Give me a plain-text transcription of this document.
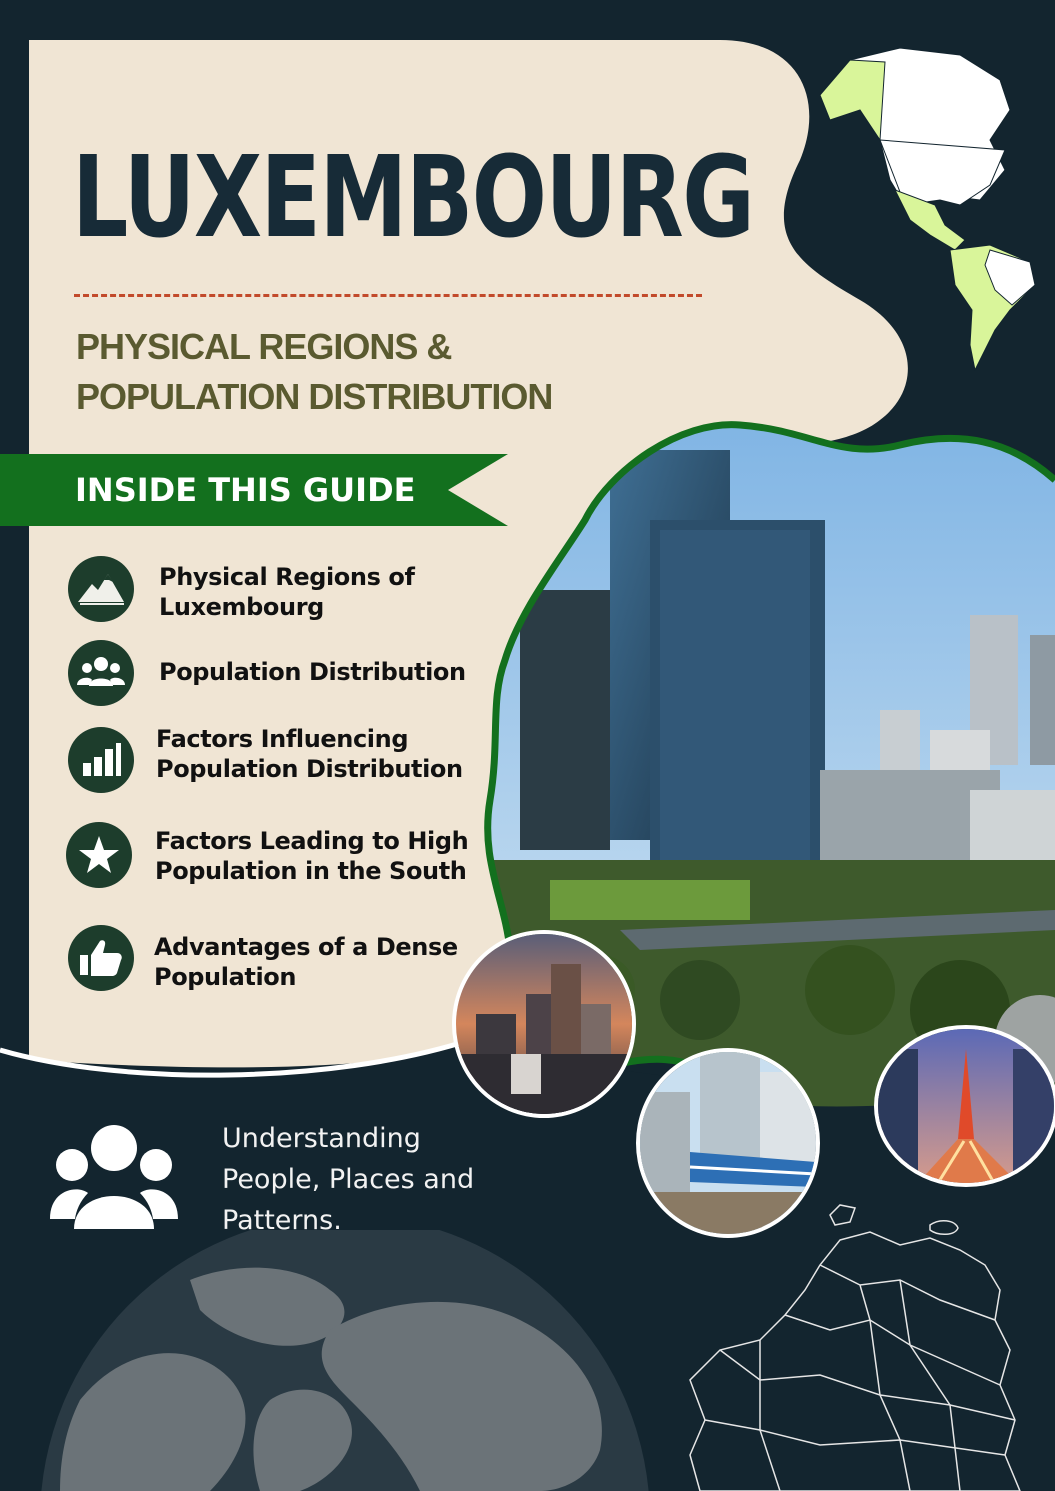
LUXEMBOURG
PHYSICAL REGIONS &
POPULATION DISTRIBUTION
INSIDE THIS GUIDE
Physical Regions of
Luxembourg
Population Distribution
Factors Influencing
Population Distribution
Factors Leading to High
Population in the South
Advantages of a Dense
Population
Understanding
People, Places and
Patterns.
